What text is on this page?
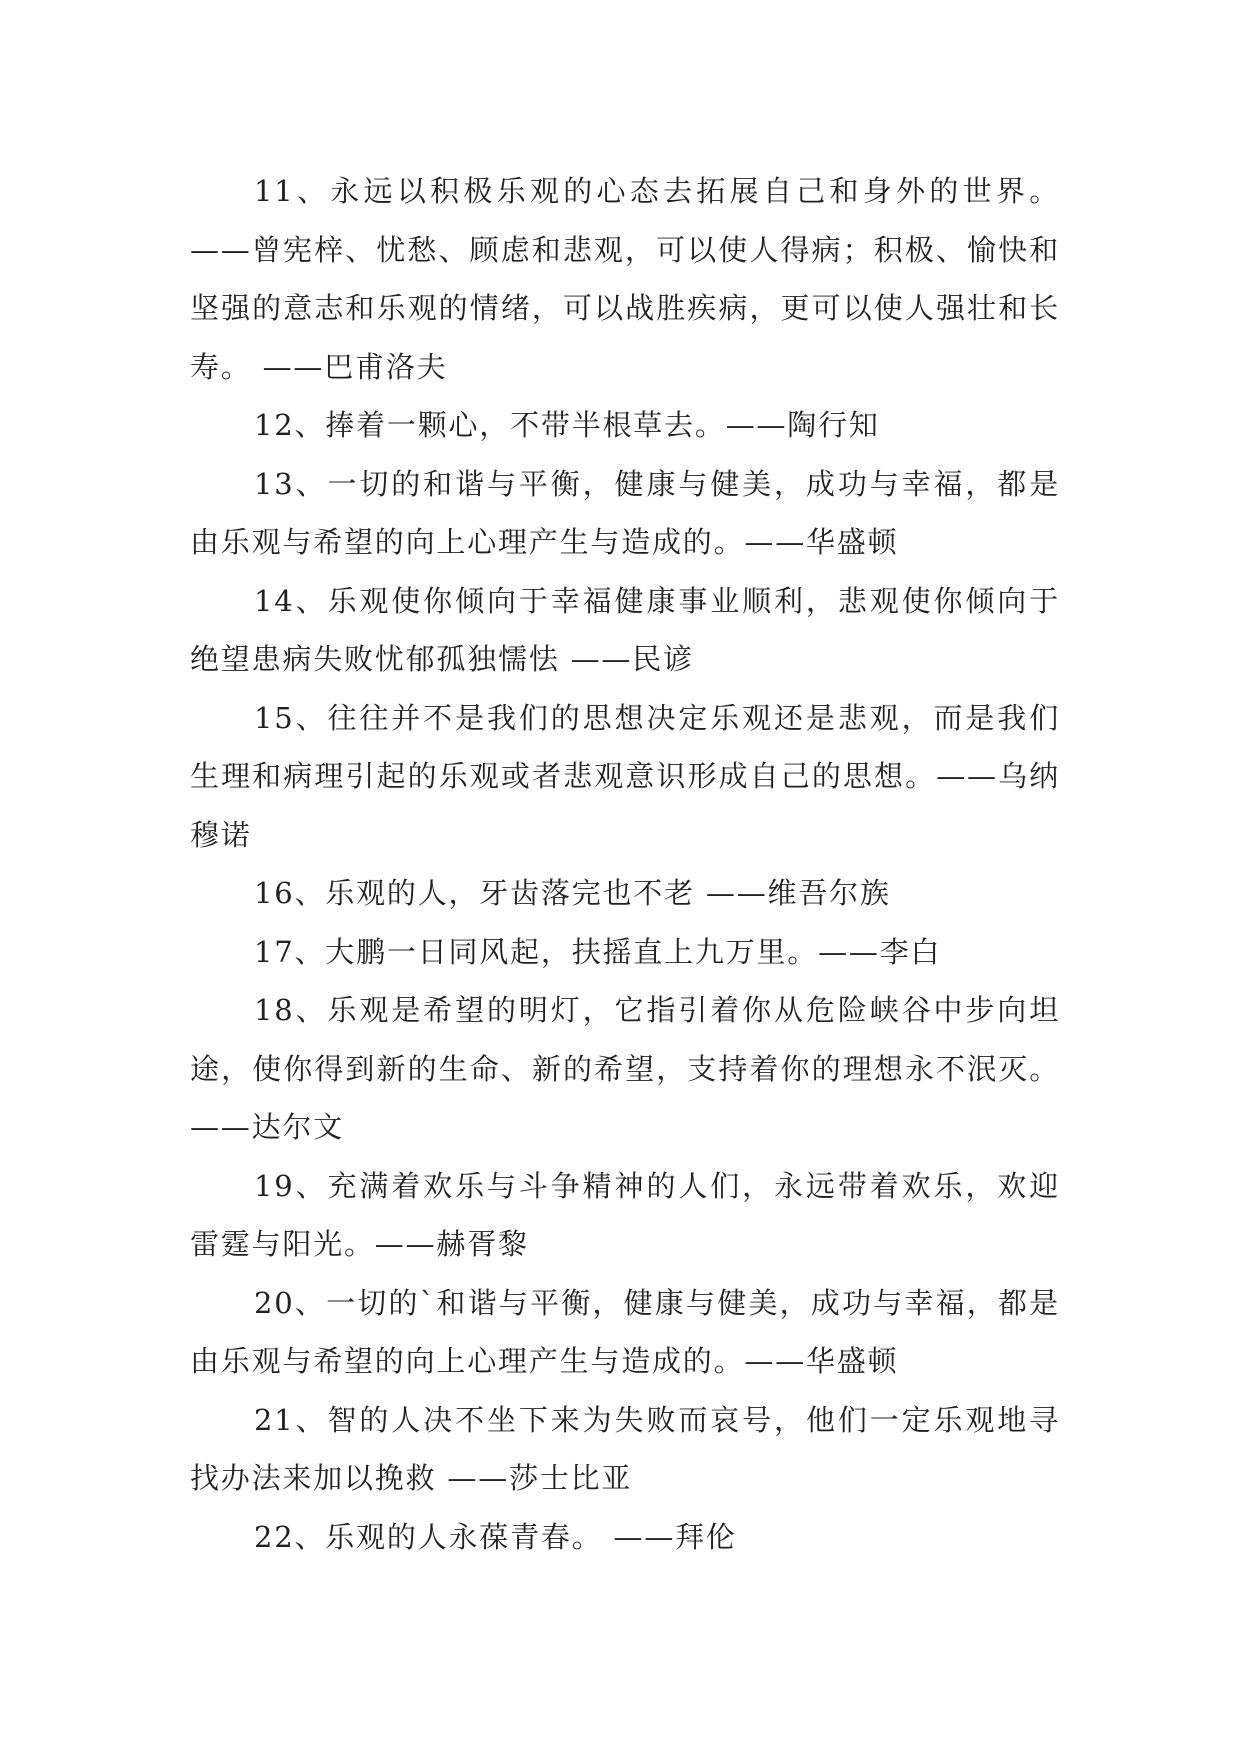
11、永远以积极乐观的心态去拓展自己和身外的世界。——曾宪梓、忧愁、顾虑和悲观，可以使人得病；积极、愉快和坚强的意志和乐观的情绪，可以战胜疾病，更可以使人强壮和长寿。 ——巴甫洛夫

12、捧着一颗心，不带半根草去。——陶行知

13、一切的和谐与平衡，健康与健美，成功与幸福，都是由乐观与希望的向上心理产生与造成的。——华盛顿

14、乐观使你倾向于幸福健康事业顺利，悲观使你倾向于绝望患病失败忧郁孤独懦怯 ——民谚

15、往往并不是我们的思想决定乐观还是悲观，而是我们生理和病理引起的乐观或者悲观意识形成自己的思想。——乌纳穆诺

16、乐观的人，牙齿落完也不老 ——维吾尔族

17、大鹏一日同风起，扶摇直上九万里。——李白

18、乐观是希望的明灯，它指引着你从危险峡谷中步向坦途，使你得到新的生命、新的希望，支持着你的理想永不泯灭。 ——达尔文

19、充满着欢乐与斗争精神的人们，永远带着欢乐，欢迎雷霆与阳光。——赫胥黎

20、一切的`和谐与平衡，健康与健美，成功与幸福，都是由乐观与希望的向上心理产生与造成的。——华盛顿

21、智的人决不坐下来为失败而哀号，他们一定乐观地寻找办法来加以挽救 ——莎士比亚

22、乐观的人永葆青春。 ——拜伦
